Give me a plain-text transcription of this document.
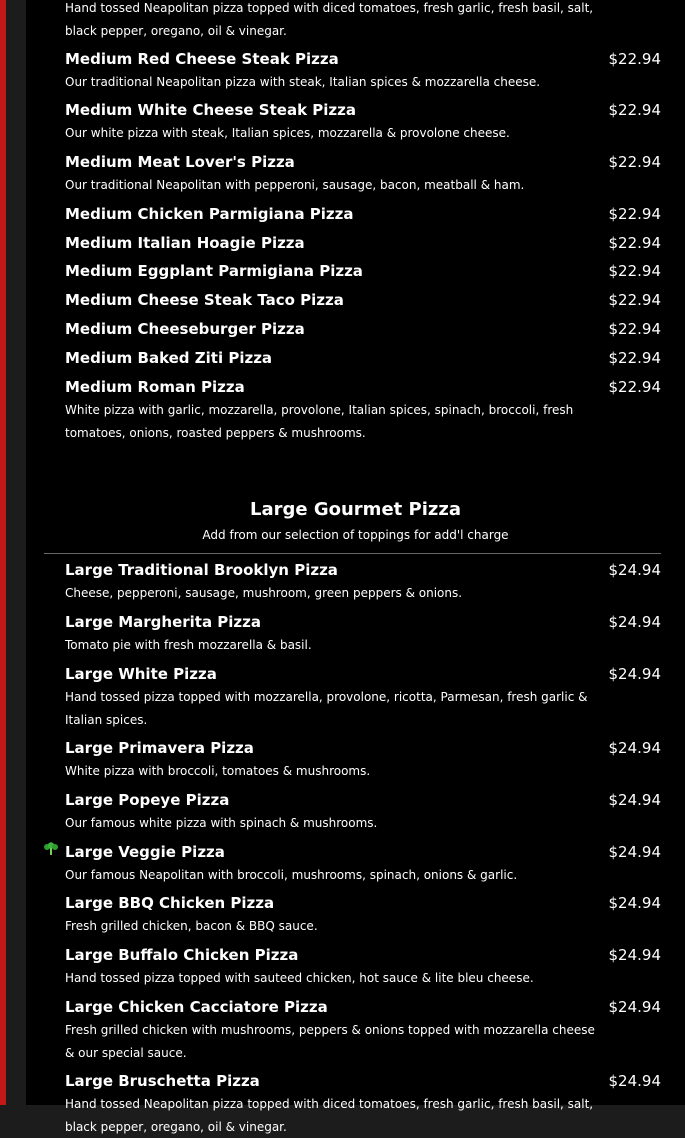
Hand tossed Neapolitan pizza topped with diced tomatoes, fresh garlic, fresh basil, salt, black pepper, oregano, oil & vinegar.
Medium Red Cheese Steak Pizza	$22.94
Our traditional Neapolitan pizza with steak, Italian spices & mozzarella cheese.
Medium White Cheese Steak Pizza	$22.94
Our white pizza with steak, Italian spices, mozzarella & provolone cheese.
Medium Meat Lover's Pizza	$22.94
Our traditional Neapolitan with pepperoni, sausage, bacon, meatball & ham.
Medium Chicken Parmigiana Pizza	$22.94
Medium Italian Hoagie Pizza	$22.94
Medium Eggplant Parmigiana Pizza	$22.94
Medium Cheese Steak Taco Pizza	$22.94
Medium Cheeseburger Pizza	$22.94
Medium Baked Ziti Pizza	$22.94
Medium Roman Pizza	$22.94
White pizza with garlic, mozzarella, provolone, Italian spices, spinach, broccoli, fresh tomatoes, onions, roasted peppers & mushrooms.
Large Gourmet Pizza
Add from our selection of toppings for add'l charge
Large Traditional Brooklyn Pizza	$24.94
Cheese, pepperoni, sausage, mushroom, green peppers & onions.
Large Margherita Pizza	$24.94
Tomato pie with fresh mozzarella & basil.
Large White Pizza	$24.94
Hand tossed pizza topped with mozzarella, provolone, ricotta, Parmesan, fresh garlic & Italian spices.
Large Primavera Pizza	$24.94
White pizza with broccoli, tomatoes & mushrooms.
Large Popeye Pizza	$24.94
Our famous white pizza with spinach & mushrooms.
Large Veggie Pizza	$24.94
Our famous Neapolitan with broccoli, mushrooms, spinach, onions & garlic.
Large BBQ Chicken Pizza	$24.94
Fresh grilled chicken, bacon & BBQ sauce.
Large Buffalo Chicken Pizza	$24.94
Hand tossed pizza topped with sauteed chicken, hot sauce & lite bleu cheese.
Large Chicken Cacciatore Pizza	$24.94
Fresh grilled chicken with mushrooms, peppers & onions topped with mozzarella cheese & our special sauce.
Large Bruschetta Pizza	$24.94
Hand tossed Neapolitan pizza topped with diced tomatoes, fresh garlic, fresh basil, salt, black pepper, oregano, oil & vinegar.
